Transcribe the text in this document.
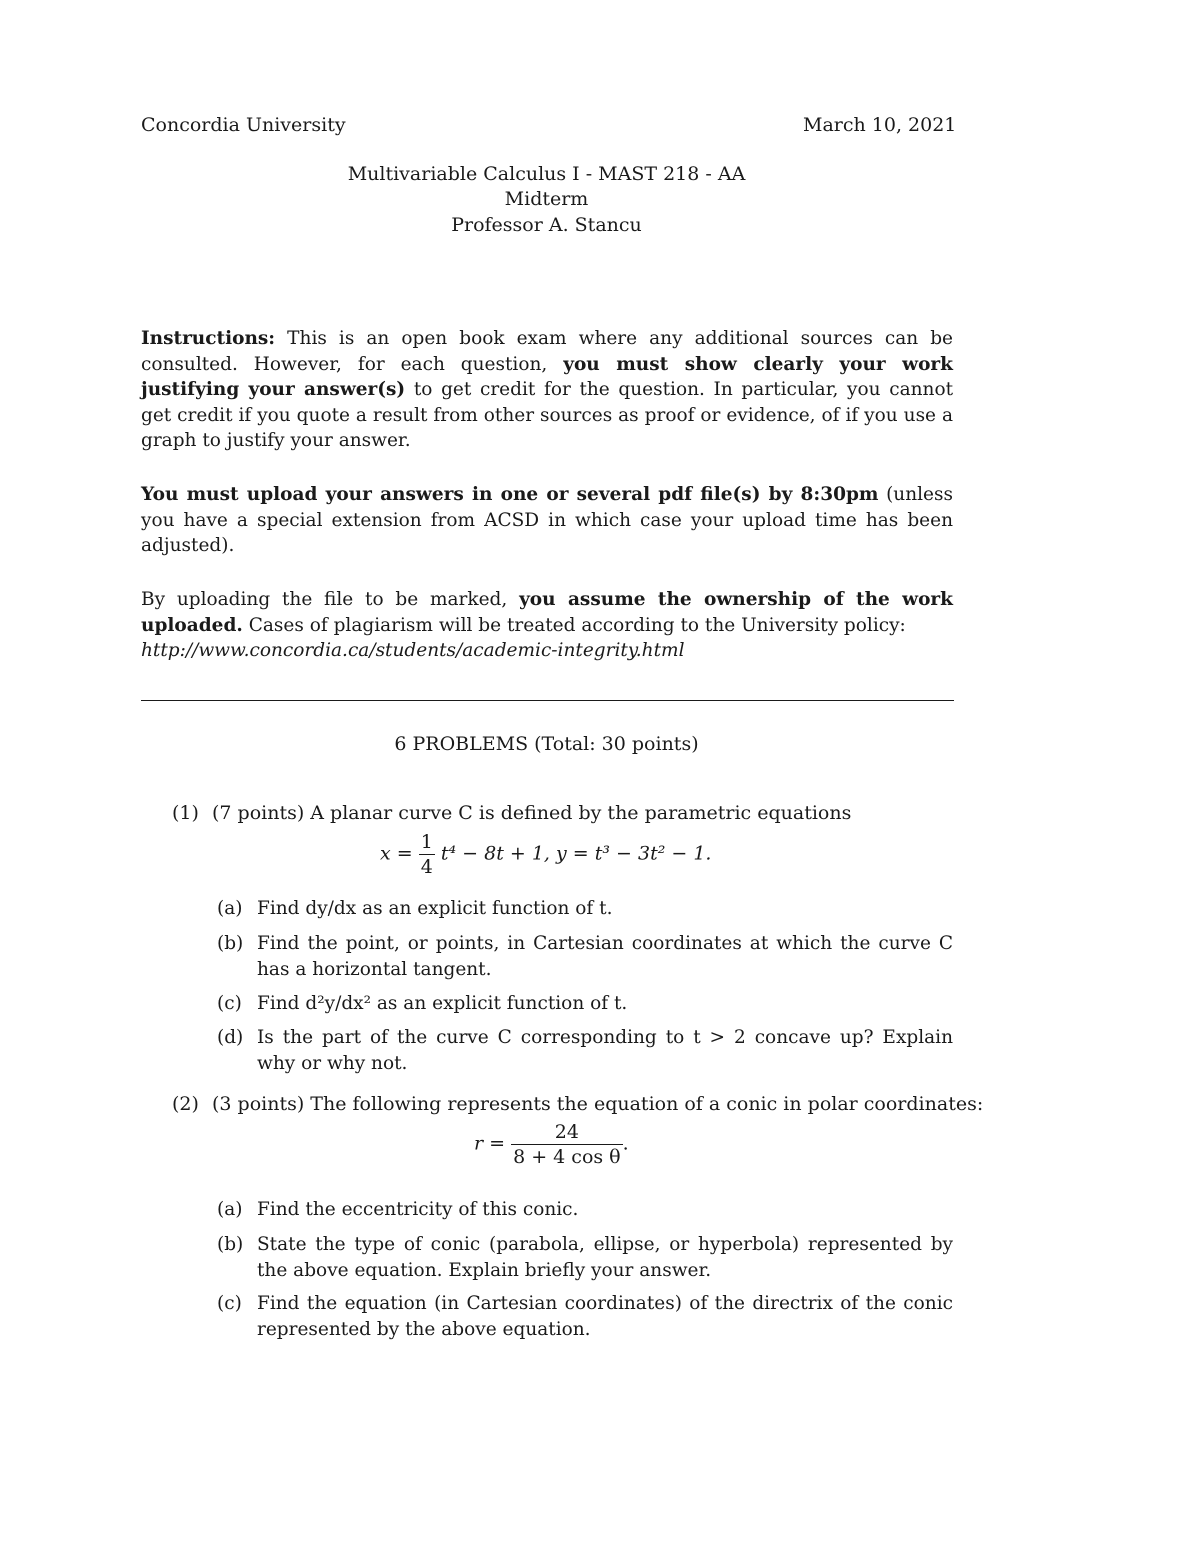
Concordia University	March 10, 2021
Multivariable Calculus I - MAST 218 - AA
Midterm
Professor A. Stancu
Instructions: This is an open book exam where any additional sources can be consulted. However, for each question, you must show clearly your work justifying your answer(s) to get credit for the question. In particular, you cannot get credit if you quote a result from other sources as proof or evidence, of if you use a graph to justify your answer.
You must upload your answers in one or several pdf file(s) by 8:30pm (unless you have a special extension from ACSD in which case your upload time has been adjusted).
By uploading the file to be marked, you assume the ownership of the work uploaded. Cases of plagiarism will be treated according to the University policy:
http://www.concordia.ca/students/academic-integrity.html
6 PROBLEMS (Total: 30 points)
(1) (7 points) A planar curve C is defined by the parametric equations
$x = \frac{1}{4} t^4 - 8t + 1$, y = t³ − 3t² − 1.
(a) Find dy/dx as an explicit function of t.
(b) Find the point, or points, in Cartesian coordinates at which the curve C has a horizontal tangent.
(c) Find d²y/dx² as an explicit function of t.
(d) Is the part of the curve C corresponding to t > 2 concave up? Explain why or why not.
(2) (3 points) The following represents the equation of a conic in polar coordinates:
$r = \frac{24}{\text{8 + 4 cos θ}}$ .
(a) Find the eccentricity of this conic.
(b) State the type of conic (parabola, ellipse, or hyperbola) represented by the above equation. Explain briefly your answer.
(c) Find the equation (in Cartesian coordinates) of the directrix of the conic represented by the above equation.
